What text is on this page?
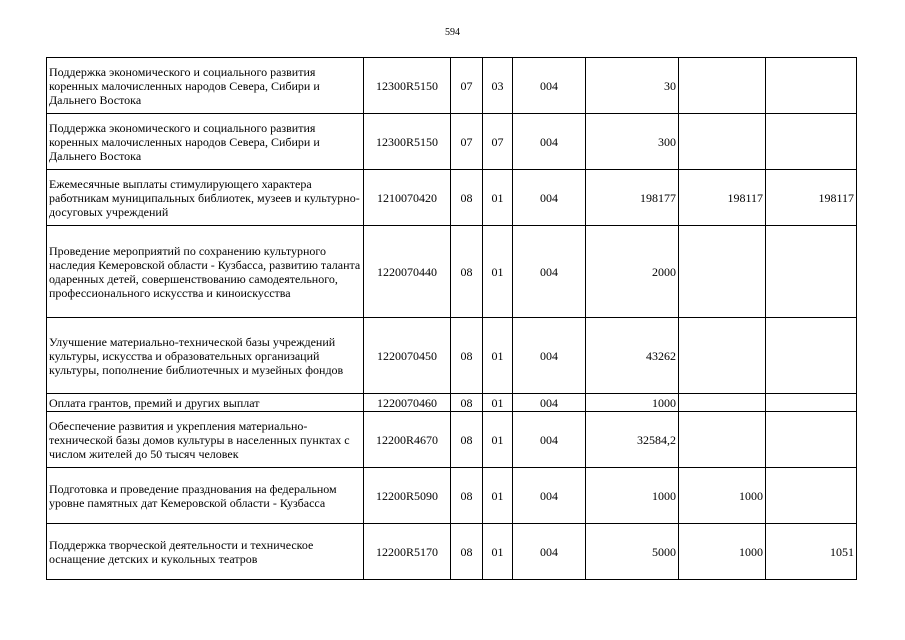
594
Поддержка экономического и социального развития коренных малочисленных народов Севера, Сибири и Дальнего Востока	12300R5150	07	03	004	30		
Поддержка экономического и социального развития коренных малочисленных народов Севера, Сибири и Дальнего Востока	12300R5150	07	07	004	300		
Ежемесячные выплаты стимулирующего характера работникам муниципальных библиотек, музеев и культурно-досуговых учреждений	1210070420	08	01	004	198177	198117	198117
Проведение мероприятий по сохранению культурного наследия Кемеровской области - Кузбасса, развитию таланта одаренных детей, совершенствованию самодеятельного, профессионального искусства и киноискусства	1220070440	08	01	004	2000		
Улучшение материально-технической базы учреждений культуры, искусства и образовательных организаций культуры, пополнение библиотечных и музейных фондов	1220070450	08	01	004	43262		
Оплата грантов, премий и других выплат	1220070460	08	01	004	1000		
Обеспечение развития и укрепления материально-технической базы домов культуры в населенных пунктах с числом жителей до 50 тысяч человек	12200R4670	08	01	004	32584,2		
Подготовка и проведение празднования на федеральном уровне памятных дат Кемеровской области - Кузбасса	12200R5090	08	01	004	1000	1000	
Поддержка творческой деятельности и техническое оснащение детских и кукольных театров	12200R5170	08	01	004	5000	1000	1051
